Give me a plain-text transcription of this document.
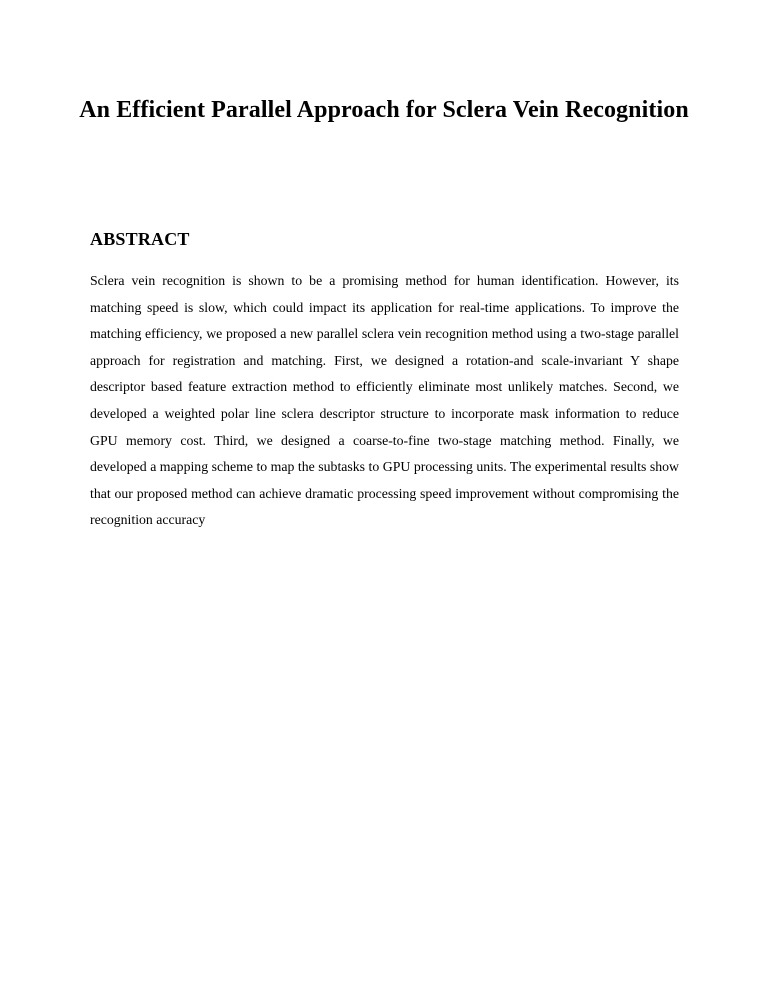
An Efficient Parallel Approach for Sclera Vein Recognition
ABSTRACT

Sclera vein recognition is shown to be a promising method for human identification. However, its matching speed is slow, which could impact its application for real-time applications. To improve the matching efficiency, we proposed a new parallel sclera vein recognition method using a two-stage parallel approach for registration and matching. First, we designed a rotation-and scale-invariant Y shape descriptor based feature extraction method to efficiently eliminate most unlikely matches. Second, we developed a weighted polar line sclera descriptor structure to incorporate mask information to reduce GPU memory cost. Third, we designed a coarse-to-fine two-stage matching method. Finally, we developed a mapping scheme to map the subtasks to GPU processing units. The experimental results show that our proposed method can achieve dramatic processing speed improvement without compromising the recognition accuracy
